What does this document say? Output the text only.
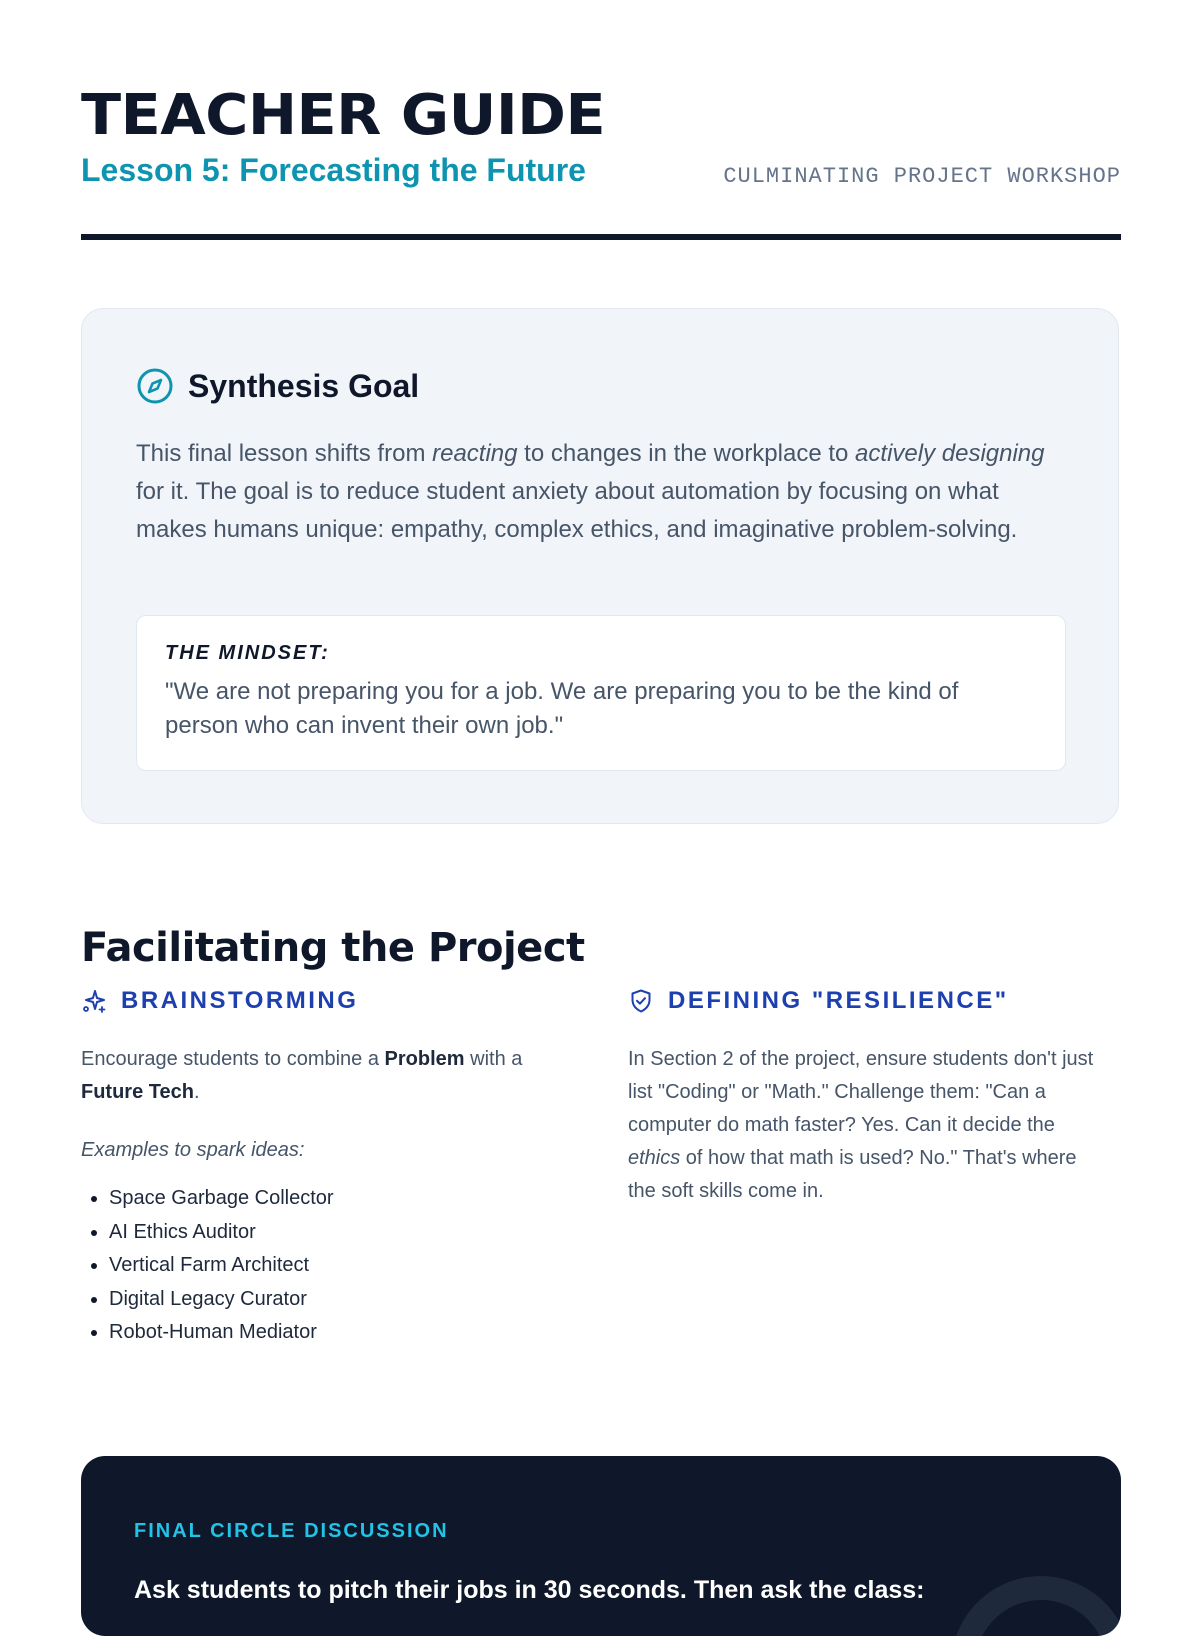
TEACHER GUIDE
Lesson 5: Forecasting the Future	CULMINATING PROJECT WORKSHOP
Synthesis Goal

This final lesson shifts from reacting to changes in the workplace to actively designing for it. The goal is to reduce student anxiety about automation by focusing on what makes humans unique: empathy, complex ethics, and imaginative problem-solving.

THE MINDSET:
"We are not preparing you for a job. We are preparing you to be the kind of person who can invent their own job."
Facilitating the Project
BRAINSTORMING
Encourage students to combine a Problem with a Future Tech.
Examples to spark ideas:
• Space Garbage Collector
• AI Ethics Auditor
• Vertical Farm Architect
• Digital Legacy Curator
• Robot-Human Mediator
DEFINING "RESILIENCE"
In Section 2 of the project, ensure students don't just list "Coding" or "Math." Challenge them: "Can a computer do math faster? Yes. Can it decide the ethics of how that math is used? No." That's where the soft skills come in.
FINAL CIRCLE DISCUSSION
Ask students to pitch their jobs in 30 seconds. Then ask the class:
